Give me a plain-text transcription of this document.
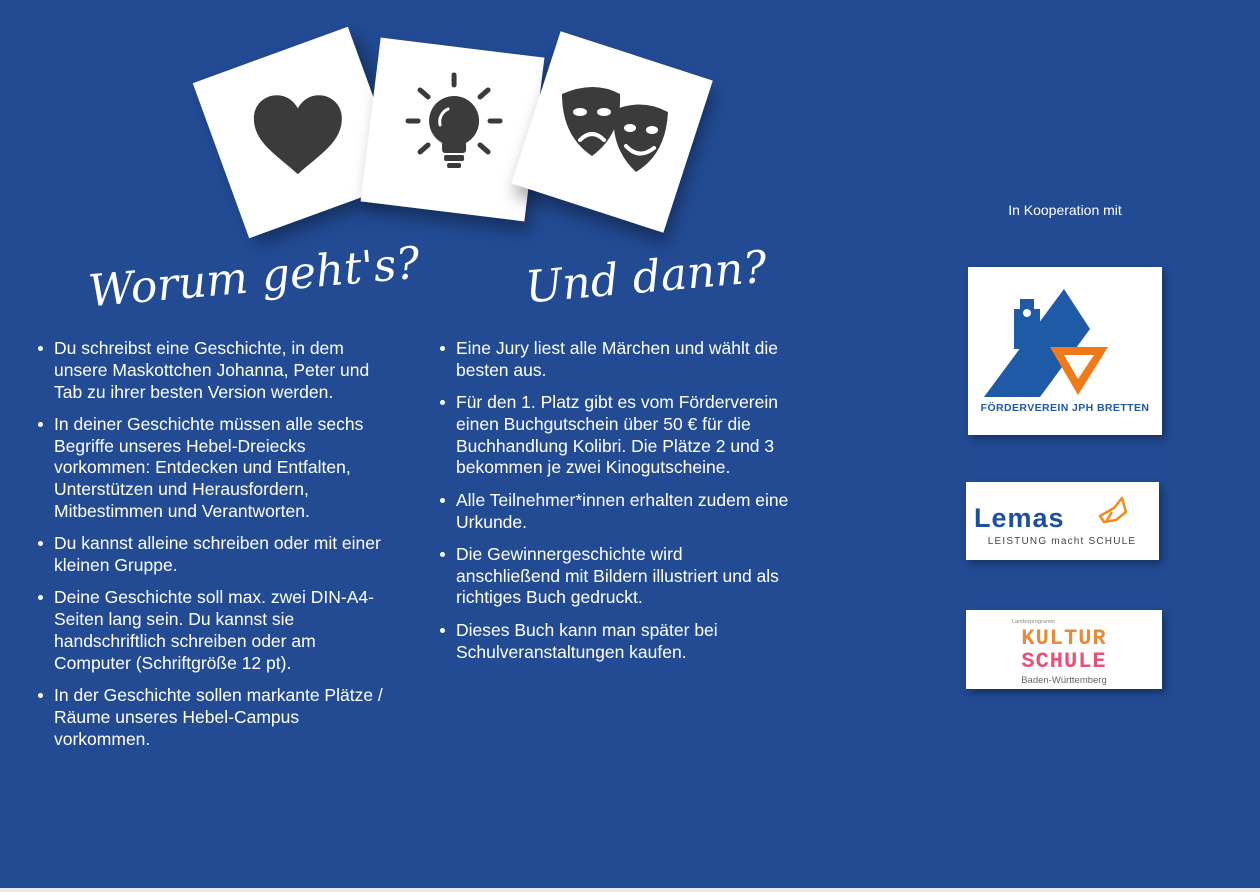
Worum geht's? Und dann?
Du schreibst eine Geschichte, in dem unsere Maskottchen Johanna, Peter und Tab zu ihrer besten Version werden.
In deiner Geschichte müssen alle sechs Begriffe unseres Hebel-Dreiecks vorkommen: Entdecken und Entfalten, Unterstützen und Herausfordern, Mitbestimmen und Verantworten.
Du kannst alleine schreiben oder mit einer kleinen Gruppe.
Deine Geschichte soll max. zwei DIN-A4-Seiten lang sein. Du kannst sie handschriftlich schreiben oder am Computer (Schriftgröße 12 pt).
In der Geschichte sollen markante Plätze / Räume unseres Hebel-Campus vorkommen.
Eine Jury liest alle Märchen und wählt die besten aus.
Für den 1. Platz gibt es vom Förderverein einen Buchgutschein über 50 € für die Buchhandlung Kolibri. Die Plätze 2 und 3 bekommen je zwei Kinogutscheine.
Alle Teilnehmer*innen erhalten zudem eine Urkunde.
Die Gewinnergeschichte wird anschließend mit Bildern illustriert und als richtiges Buch gedruckt.
Dieses Buch kann man später bei Schulveranstaltungen kaufen.
In Kooperation mit
FÖRDERVEREIN JPH BRETTEN
Lemas
LEISTUNG macht SCHULE
Landesprogramm
KULTUR
SCHULE
Baden-Württemberg
